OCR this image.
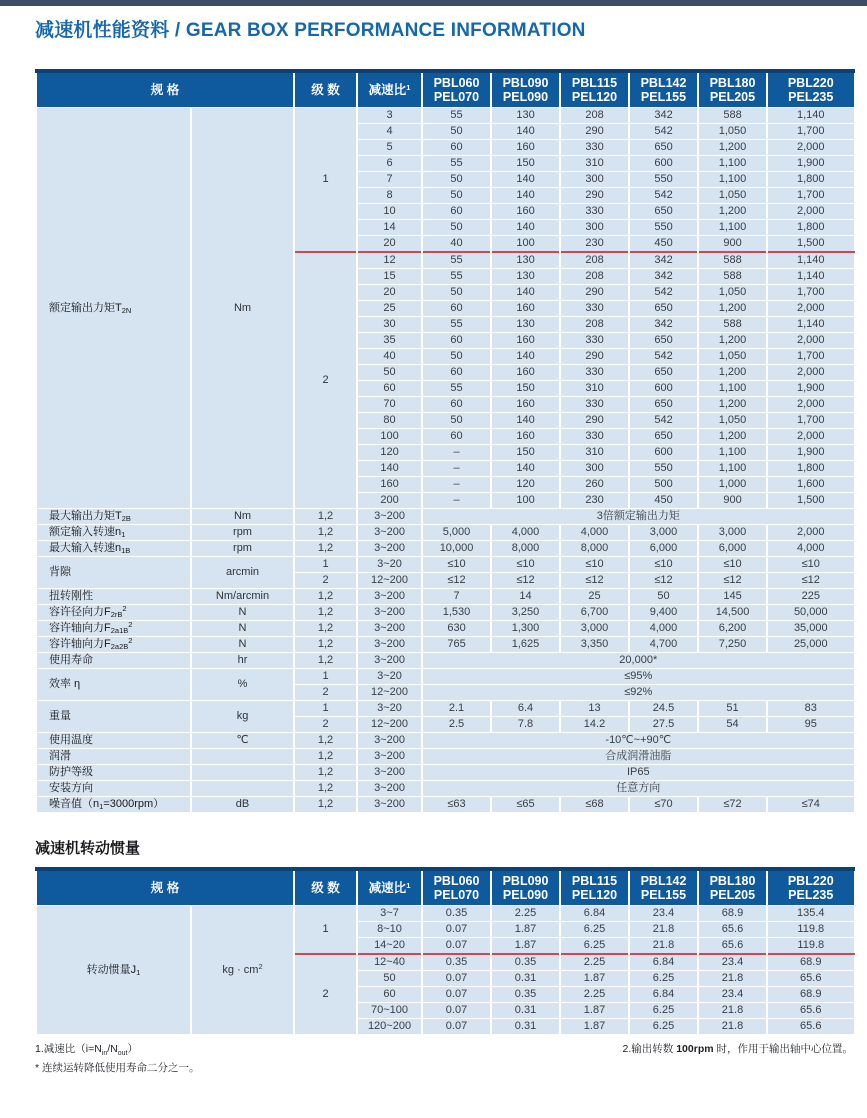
减速机性能资料 / GEAR BOX PERFORMANCE INFORMATION
规 格		级 数	减速比$^1$	PBL060
PEL070	PBL090
PEL090	PBL115
PEL120	PBL142
PEL155	PBL180
PEL205	PBL220
PEL235
额定输出力矩$T_{2N}$	Nm	1	3	55	130	208	342	588	1,140
			4	50	140	290	542	1,050	1,700
			5	60	160	330	650	1,200	2,000
			6	55	150	310	600	1,100	1,900
			7	50	140	300	550	1,100	1,800
			8	50	140	290	542	1,050	1,700
			10	60	160	330	650	1,200	2,000
			14	50	140	300	550	1,100	1,800
			20	40	100	230	450	900	1,500
		2	12	55	130	208	342	588	1,140
			15	55	130	208	342	588	1,140
			20	50	140	290	542	1,050	1,700
			25	60	160	330	650	1,200	2,000
			30	55	130	208	342	588	1,140
			35	60	160	330	650	1,200	2,000
			40	50	140	290	542	1,050	1,700
			50	60	160	330	650	1,200	2,000
			60	55	150	310	600	1,100	1,900
			70	60	160	330	650	1,200	2,000
			80	50	140	290	542	1,050	1,700
			100	60	160	330	650	1,200	2,000
			120	–	150	310	600	1,100	1,900
			140	–	140	300	550	1,100	1,800
			160	–	120	260	500	1,000	1,600
			200	–	100	230	450	900	1,500
最大输出力矩$T_{2B}$	Nm	1,2	3~200	3倍额定输出力矩					
额定输入转速$n_1$	rpm	1,2	3~200	5,000	4,000	4,000	3,000	3,000	2,000
最大输入转速$n_{1B}$	rpm	1,2	3~200	10,000	8,000	8,000	6,000	6,000	4,000
背隙	arcmin	1	3~20	≤10	≤10	≤10	≤10	≤10	≤10
		2	12~200	≤12	≤12	≤12	≤12	≤12	≤12
扭转刚性	Nm/arcmin	1,2	3~200	7	14	25	50	145	225
容许径向力$F_{2rB}^2$	N	1,2	3~200	1,530	3,250	6,700	9,400	14,500	50,000
容许轴向力$F_{2a1B}^2$	N	1,2	3~200	630	1,300	3,000	4,000	6,200	35,000
容许轴向力$F_{2a2B}^2$	N	1,2	3~200	765	1,625	3,350	4,700	7,250	25,000
使用寿命	hr	1,2	3~200	20,000*					
效率 η	%	1	3~20	≤95%					
		2	12~200	≤92%					
重量	kg	1	3~20	2.1	6.4	13	24.5	51	83
		2	12~200	2.5	7.8	14.2	27.5	54	95
使用温度	℃	1,2	3~200	-10℃~+90℃					
润滑		1,2	3~200	合成润滑油脂					
防护等级		1,2	3~200	IP65					
安装方向		1,2	3~200	任意方向					
噪音值$(n_1=3000rpm)$	dB	1,2	3~200	≤63	≤65	≤68	≤70	≤72	≤74
减速机转动惯量
规 格		级 数	减速比$^1$	PBL060
PEL070	PBL090
PEL090	PBL115
PEL120	PBL142
PEL155	PBL180
PEL205	PBL220
PEL235
转动惯量$J_1$	kg · $cm^2$	1	3~7	0.35	2.25	6.84	23.4	68.9	135.4
			8~10	0.07	1.87	6.25	21.8	65.6	119.8
			14~20	0.07	1.87	6.25	21.8	65.6	119.8
		2	12~40	0.35	0.35	2.25	6.84	23.4	68.9
			50	0.07	0.31	1.87	6.25	21.8	65.6
			60	0.07	0.35	2.25	6.84	23.4	68.9
			70~100	0.07	0.31	1.87	6.25	21.8	65.6
			120~200	0.07	0.31	1.87	6.25	21.8	65.6
1.减速比$(i=N_{in}/N_{out})$	2.输出转数 100rpm 时，作用于输出轴中心位置。
* 连续运转降低使用寿命二分之一。
